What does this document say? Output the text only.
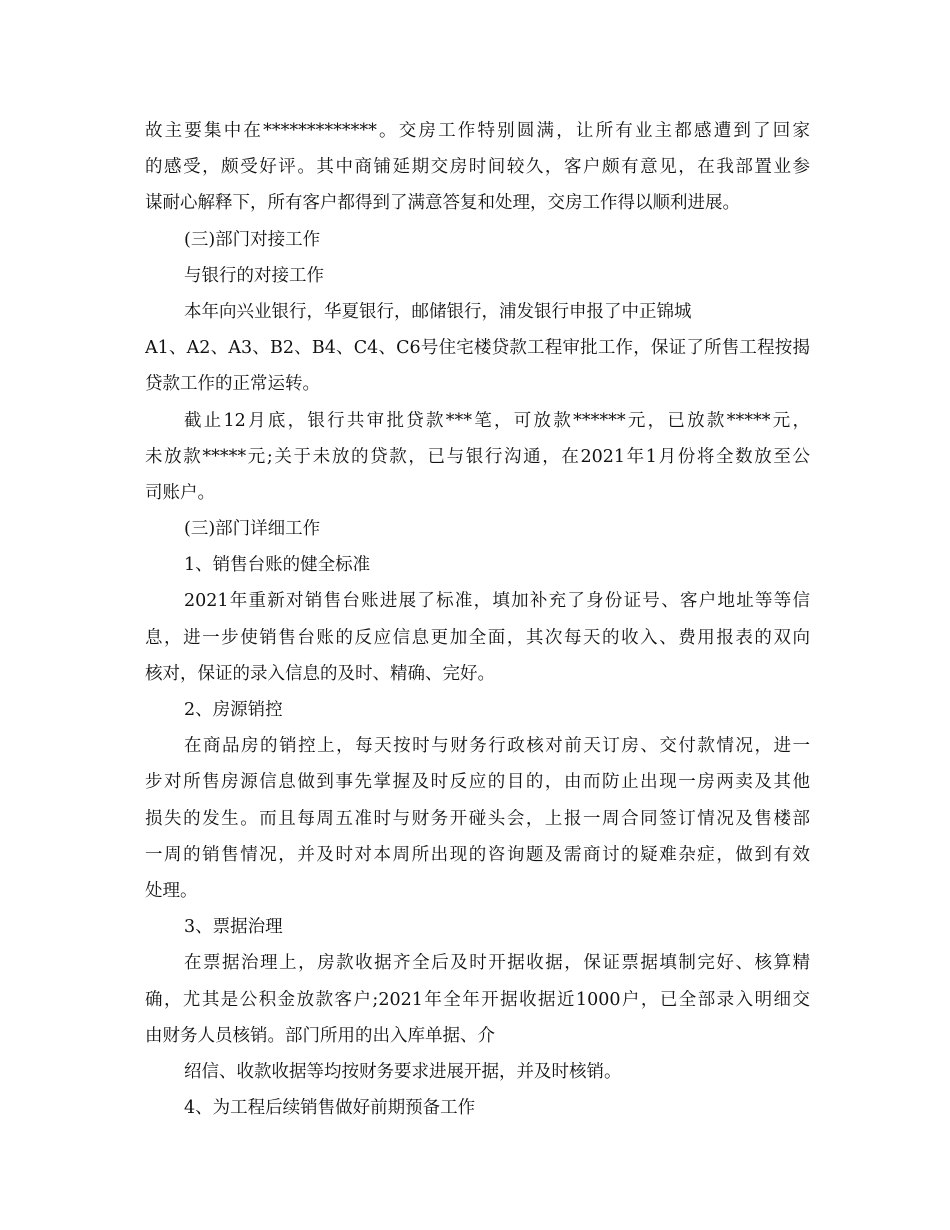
故主要集中在*************。交房工作特别圆满，让所有业主都感遭到了回家
的感受，颇受好评。其中商铺延期交房时间较久，客户颇有意见，在我部置业参
谋耐心解释下，所有客户都得到了满意答复和处理，交房工作得以顺利进展。
(三)部门对接工作
与银行的对接工作
本年向兴业银行，华夏银行，邮储银行，浦发银行申报了中正锦城
A1、A2、A3、B2、B4、C4、C6号住宅楼贷款工程审批工作，保证了所售工程按揭
贷款工作的正常运转。
截止12月底，银行共审批贷款***笔，可放款******元，已放款*****元，
未放款*****元;关于未放的贷款，已与银行沟通，在2021年1月份将全数放至公
司账户。
(三)部门详细工作
1、销售台账的健全标准
2021年重新对销售台账进展了标准，填加补充了身份证号、客户地址等等信
息，进一步使销售台账的反应信息更加全面，其次每天的收入、费用报表的双向
核对，保证的录入信息的及时、精确、完好。
2、房源销控
在商品房的销控上，每天按时与财务行政核对前天订房、交付款情况，进一
步对所售房源信息做到事先掌握及时反应的目的，由而防止出现一房两卖及其他
损失的发生。而且每周五准时与财务开碰头会，上报一周合同签订情况及售楼部
一周的销售情况，并及时对本周所出现的咨询题及需商讨的疑难杂症，做到有效
处理。
3、票据治理
在票据治理上，房款收据齐全后及时开据收据，保证票据填制完好、核算精
确，尤其是公积金放款客户;2021年全年开据收据近1000户，已全部录入明细交
由财务人员核销。部门所用的出入库单据、介
绍信、收款收据等均按财务要求进展开据，并及时核销。
4、为工程后续销售做好前期预备工作
